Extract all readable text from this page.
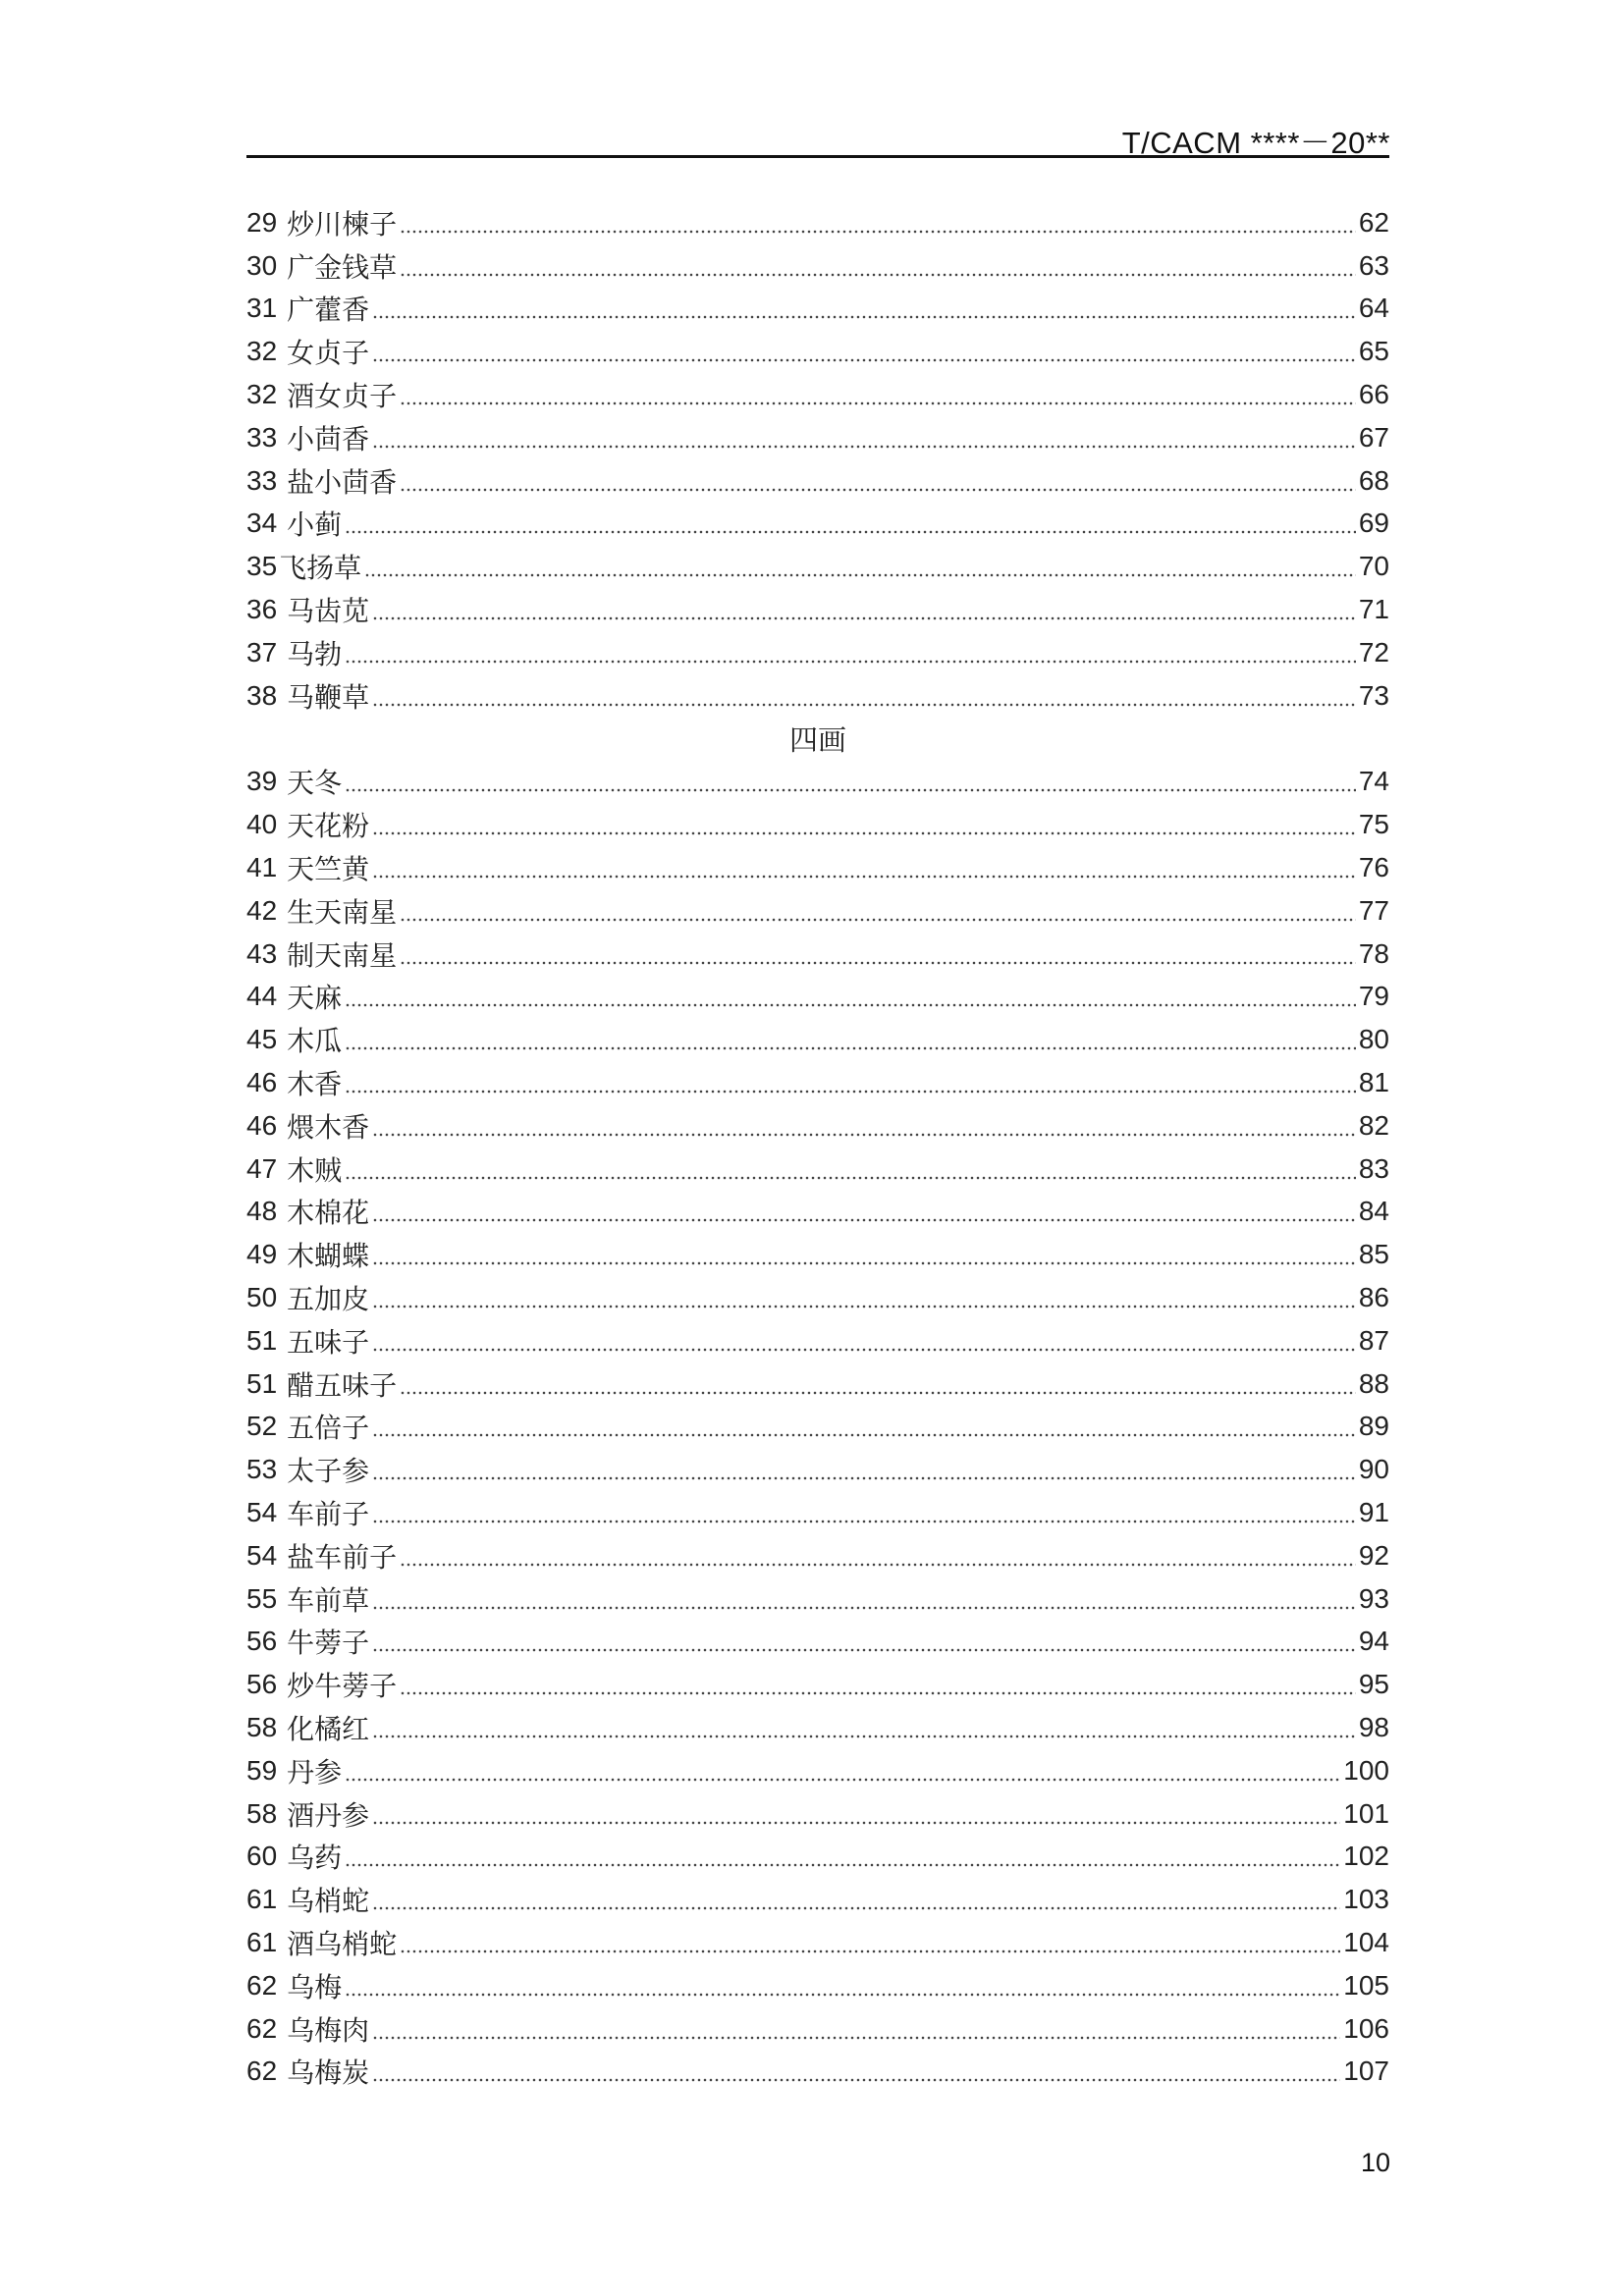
T/CACM ****－20**
29 炒川楝子	62
30 广金钱草	63
31 广藿香	64
32 女贞子	65
32 酒女贞子	66
33 小茴香	67
33 盐小茴香	68
34 小蓟	69
35 飞扬草	70
36 马齿苋	71
37 马勃	72
38 马鞭草	73
四画
39 天冬	74
40 天花粉	75
41 天竺黄	76
42 生天南星	77
43 制天南星	78
44 天麻	79
45 木瓜	80
46 木香	81
46 煨木香	82
47 木贼	83
48 木棉花	84
49 木蝴蝶	85
50 五加皮	86
51 五味子	87
51 醋五味子	88
52 五倍子	89
53 太子参	90
54 车前子	91
54 盐车前子	92
55 车前草	93
56 牛蒡子	94
56 炒牛蒡子	95
58 化橘红	98
59 丹参	100
58 酒丹参	101
60 乌药	102
61 乌梢蛇	103
61 酒乌梢蛇	104
62 乌梅	105
62 乌梅肉	106
62 乌梅炭	107
10
